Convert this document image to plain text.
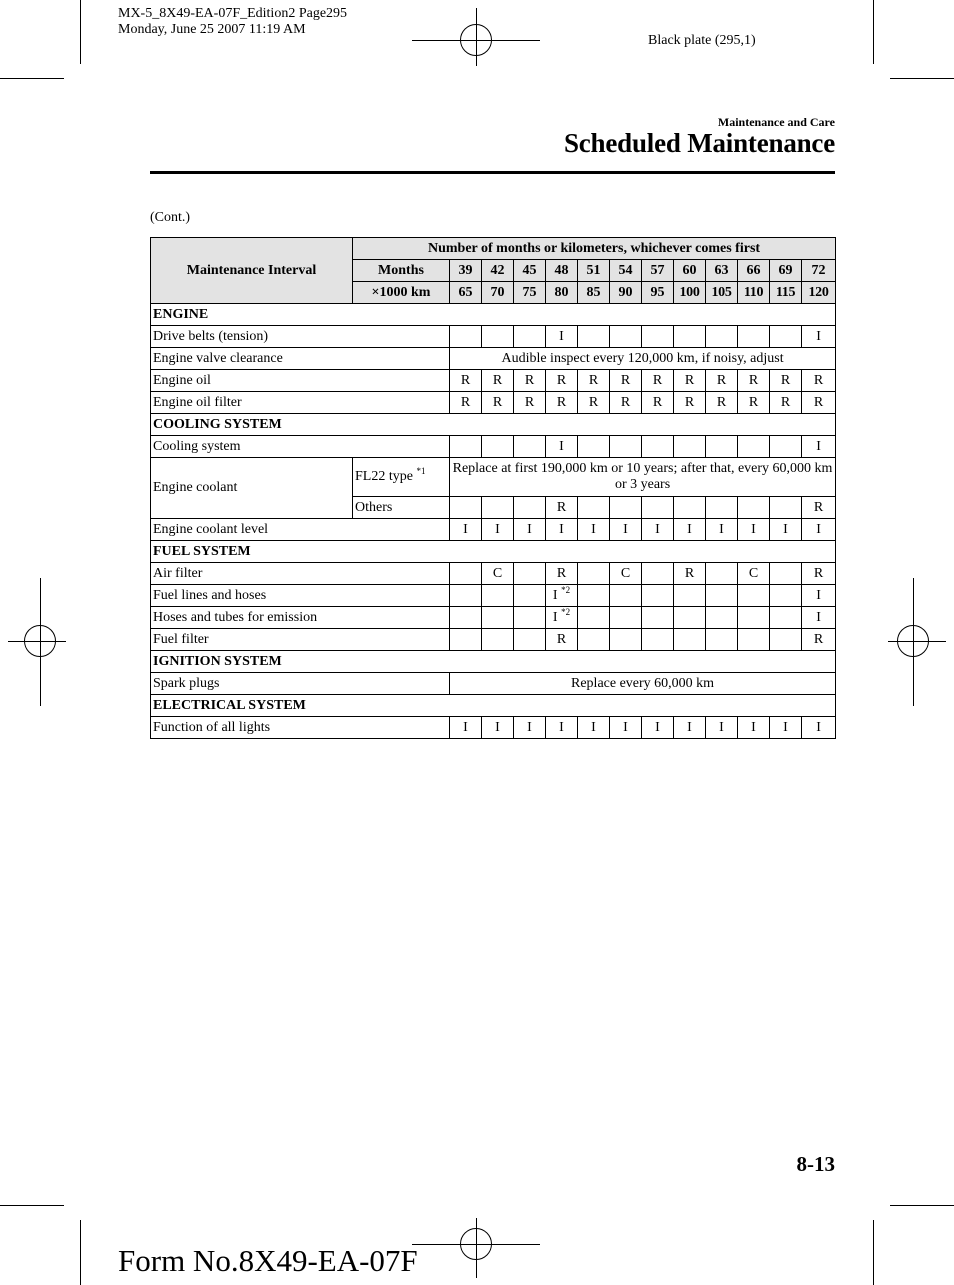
MX-5_8X49-EA-07F_Edition2 Page295
Monday, June 25 2007 11:19 AM
Black plate (295,1)
Maintenance and Care
Scheduled Maintenance
(Cont.)
Maintenance Interval	Number of months or kilometers, whichever comes first												
	Months	39	42	45	48	51	54	57	60	63	66	69	72
	×1000 km	65	70	75	80	85	90	95	100	105	110	115	120
ENGINE													
Drive belts (tension)					I								I
Engine valve clearance		Audible inspect every 120,000 km, if noisy, adjust											
Engine oil		R	R	R	R	R	R	R	R	R	R	R	R
Engine oil filter		R	R	R	R	R	R	R	R	R	R	R	R
COOLING SYSTEM													
Cooling system					I								I
Engine coolant	FL22 type $^{*1}$	Replace at first 190,000 km or 10 years; after that, every 60,000 km or 3 years											
	Others				R								R
Engine coolant level		I	I	I	I	I	I	I	I	I	I	I	I
FUEL SYSTEM													
Air filter			C		R		C		R		C		R
Fuel lines and hoses					I $^{*2}$								I
Hoses and tubes for emission					I $^{*2}$								I
Fuel filter					R								R
IGNITION SYSTEM													
Spark plugs		Replace every 60,000 km											
ELECTRICAL SYSTEM													
Function of all lights		I	I	I	I	I	I	I	I	I	I	I	I
8-13
Form No.8X49-EA-07F
